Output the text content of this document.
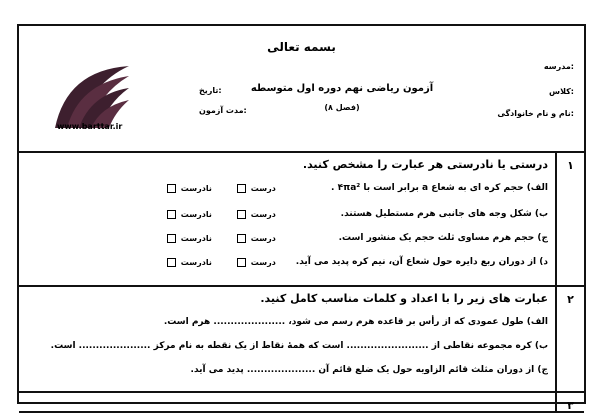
بسمه تعالی
مدرسه:
کلاس:
نام و نام خانوادگی:
آزمون ریاضی نهم دوره اول متوسطه
(فصل ۸)
تاریخ:
مدت آزمون:
www.barttar.ir
۱
درستی یا نادرستی هر عبارت را مشخص کنید.
الف) حجم کره ای به شعاع a برابر است با ۴πa² .
درست
نادرست
ب) شکل وجه های جانبی هرم مستطیل هستند.
درست
نادرست
ج) حجم هرم مساوی ثلث حجم یک منشور است.
درست
نادرست
د) از دوران ربع دایره حول شعاع آن، نیم کره پدید می آید.
درست
نادرست
۲
عبارت های زیر را با اعداد و کلمات مناسب کامل کنید.
الف) طول عمودی که از رأس بر قاعده هرم رسم می شود، ..................... هرم است.
ب) کره مجموعه نقاطی از ........................ است که همهٔ نقاط از یک نقطه به نام مرکز ..................... است.
ج) از دوران مثلث قائم الزاویه حول یک ضلع قائم آن .................... پدید می آید.
۳
